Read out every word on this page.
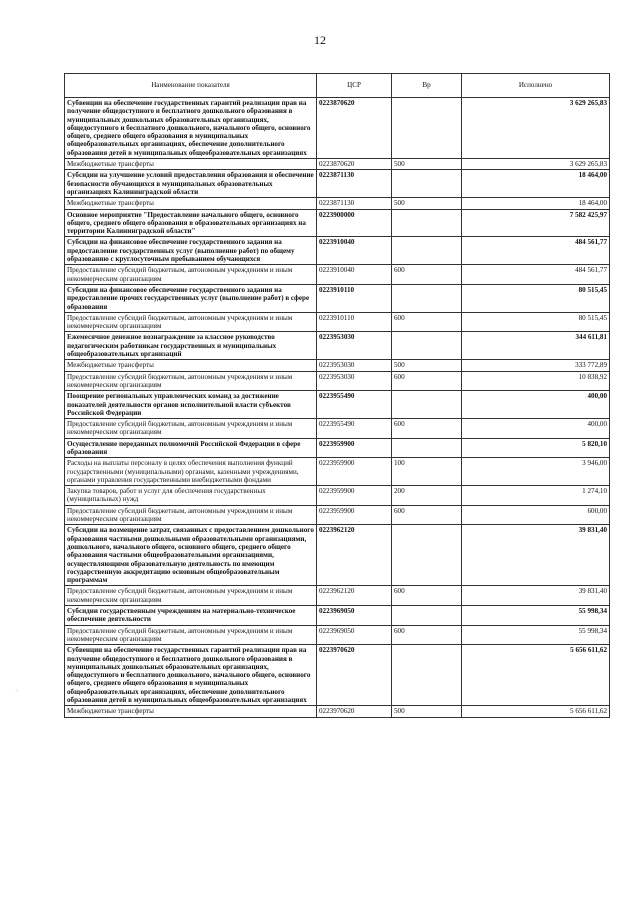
12
Наименование показателя	ЦСР	Вр	Исполнено
Субвенции на обеспечение государственных гарантий реализации прав на получение общедоступного и бесплатного дошкольного образования в муниципальных дошкольных образовательных организациях, общедоступного и бесплатного дошкольного, начального общего, основного общего, среднего общего образования в муниципальных общеобразовательных организациях, обеспечение дополнительного образования детей в муниципальных общеобразовательных организациях	0223870620		3 629 265,83
Межбюджетные трансферты	0223870620	500	3 629 265,83
Субсидии на улучшение условий предоставления образования и обеспечение безопасности обучающихся в муниципальных образовательных организациях Калининградской области	0223871130		18 464,00
Межбюджетные трансферты	0223871130	500	18 464,00
Основное мероприятие "Предоставление начального общего, основного общего, среднего общего образования в образовательных организациях на территории Калининградской области"	0223900000		7 582 425,97
Субсидии на финансовое обеспечение государственного задания на предоставление государственных услуг (выполнение работ) по общему образованию с круглосуточным пребыванием обучающихся	0223910040		484 561,77
Предоставление субсидий бюджетным, автономным учреждениям и иным некоммерческим организациям	0223910040	600	484 561,77
Субсидии на финансовое обеспечение государственного задания на предоставление прочих государственных услуг (выполнение работ) в сфере образования	0223910110		80 515,45
Предоставление субсидий бюджетным, автономным учреждениям и иным некоммерческим организациям	0223910110	600	80 515,45
Ежемесячное денежное вознаграждение за классное руководство педагогическим работникам государственных и муниципальных общеобразовательных организаций	0223953030		344 611,81
Межбюджетные трансферты	0223953030	500	333 772,89
Предоставление субсидий бюджетным, автономным учреждениям и иным некоммерческим организациям	0223953030	600	10 838,92
Поощрение региональных управленческих команд за достижение показателей деятельности органов исполнительной власти субъектов Российской Федерации	0223955490		400,00
Предоставление субсидий бюджетным, автономным учреждениям и иным некоммерческим организациям	0223955490	600	400,00
Осуществление переданных полномочий Российской Федерации в сфере образования	0223959900		5 820,10
Расходы на выплаты персоналу в целях обеспечения выполнения функций государственными (муниципальными) органами, казенными учреждениями, органами управления государственными внебюджетными фондами	0223959900	100	3 946,00
Закупка товаров, работ и услуг для обеспечения государственных (муниципальных) нужд	0223959900	200	1 274,10
Предоставление субсидий бюджетным, автономным учреждениям и иным некоммерческим организациям	0223959900	600	600,00
Субсидии на возмещение затрат, связанных с предоставлением дошкольного образования частными дошкольными образовательными организациями, дошкольного, начального общего, основного общего, среднего общего образования частными общеобразовательными организациями, осуществляющими образовательную деятельность по имеющим государственную аккредитацию основным общеобразовательным программам	0223962120		39 831,40
Предоставление субсидий бюджетным, автономным учреждениям и иным некоммерческим организациям	0223962120	600	39 831,40
Субсидии государственным учреждениям на материально-техническое обеспечение деятельности	0223969050		55 998,34
Предоставление субсидий бюджетным, автономным учреждениям и иным некоммерческим организациям	0223969050	600	55 998,34
Субвенции на обеспечение государственных гарантий реализации прав на получение общедоступного и бесплатного дошкольного образования в муниципальных дошкольных образовательных организациях, общедоступного и бесплатного дошкольного, начального общего, основного общего, среднего общего образования в муниципальных общеобразовательных организациях, обеспечение дополнительного образования детей в муниципальных общеобразовательных организациях	0223970620		5 656 611,62
Межбюджетные трансферты	0223970620	500	5 656 611,62
·:
